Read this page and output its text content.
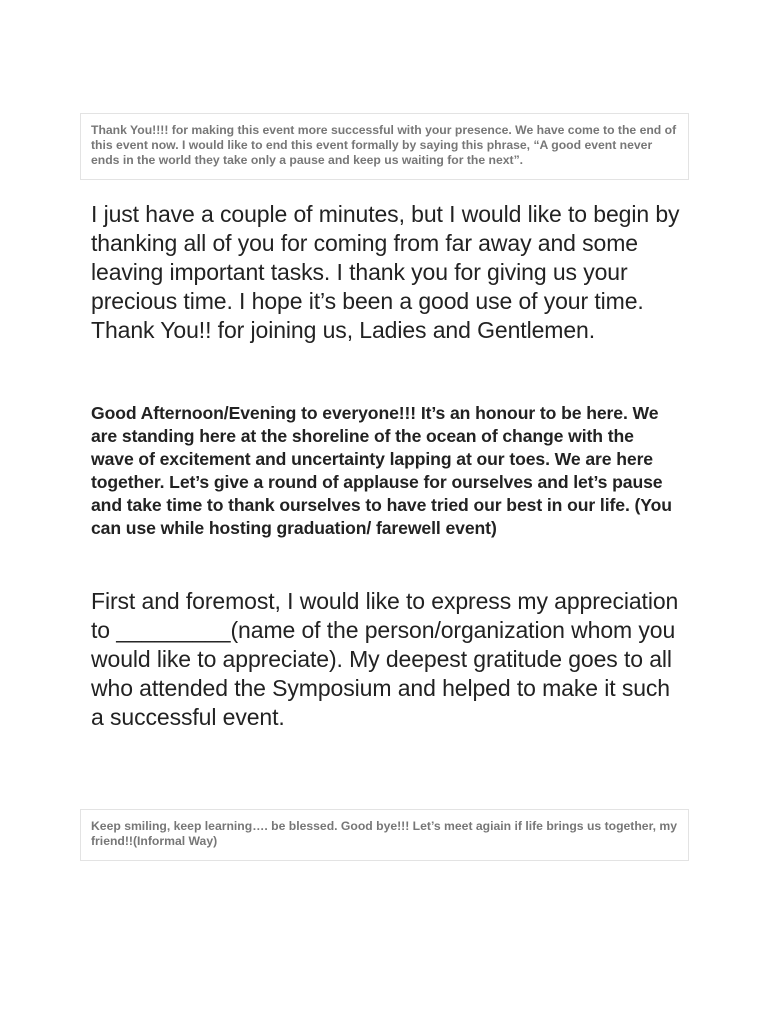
Thank You!!!! for making this event more successful with your presence. We have come to the end of this event now. I would like to end this event formally by saying this phrase, “A good event never ends in the world they take only a pause and keep us waiting for the next”.

I just have a couple of minutes, but I would like to begin by thanking all of you for coming from far away and some leaving important tasks. I thank you for giving us your precious time. I hope it’s been a good use of your time. Thank You!! for joining us, Ladies and Gentlemen.

Good Afternoon/Evening to everyone!!! It’s an honour to be here. We are standing here at the shoreline of the ocean of change with the wave of excitement and uncertainty lapping at our toes. We are here together. Let’s give a round of applause for ourselves and let’s pause and take time to thank ourselves to have tried our best in our life. (You can use while hosting graduation/ farewell event)

First and foremost, I would like to express my appreciation to _________(name of the person/organization whom you would like to appreciate). My deepest gratitude goes to all who attended the Symposium and helped to make it such a successful event.

Keep smiling, keep learning…. be blessed. Good bye!!! Let’s meet agiain if life brings us together, my friend!!(Informal Way)
